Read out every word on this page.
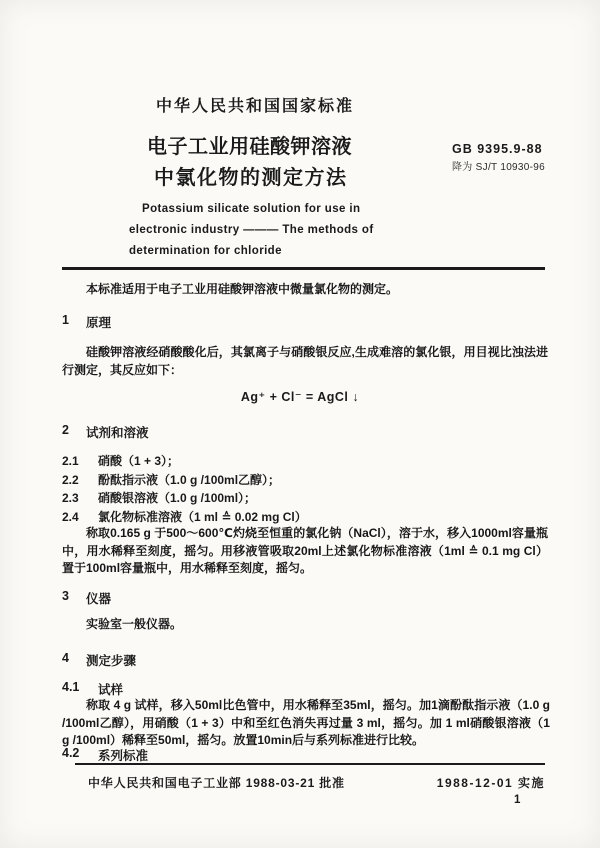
中华人民共和国国家标准
电子工业用硅酸钾溶液
中氯化物的测定方法
GB 9395.9-88
降为 SJ/T 10930-96
Potassium silicate solution for use in
electronic industry ——— The methods of
determination for chloride
本标准适用于电子工业用硅酸钾溶液中微量氯化物的测定。
1	原理
硅酸钾溶液经硝酸酸化后，其氯离子与硝酸银反应,生成难溶的氯化银，用目视比浊法进行测定，其反应如下：
Ag⁺ + Cl⁻ = AgCl ↓
2	试剂和溶液
2.1	硝酸（1 + 3）；
2.2	酚酞指示液（1.0 g /100ml乙醇）；
2.3	硝酸银溶液（1.0 g /100ml）；
2.4	氯化物标准溶液（1 ml ≙ 0.02 mg Cl）
称取0.165 g 于500～600℃灼烧至恒重的氯化钠（NaCl），溶于水，移入1000ml容量瓶中，用水稀释至刻度，摇匀。用移液管吸取20ml上述氯化物标准溶液（1ml ≙ 0.1 mg Cl）置于100ml容量瓶中，用水稀释至刻度，摇匀。
3	仪器
实验室一般仪器。
4	测定步骤
4.1	试样
称取 4 g 试样，移入50ml比色管中，用水稀释至35ml，摇匀。加1滴酚酞指示液（1.0 g /100ml乙醇），用硝酸（1 + 3）中和至红色消失再过量 3 ml，摇匀。加 1 ml硝酸银溶液（1 g /100ml）稀释至50ml，摇匀。放置10min后与系列标准进行比较。
4.2	系列标准
中华人民共和国电子工业部 1988-03-21 批准	1988-12-01 实施
1
